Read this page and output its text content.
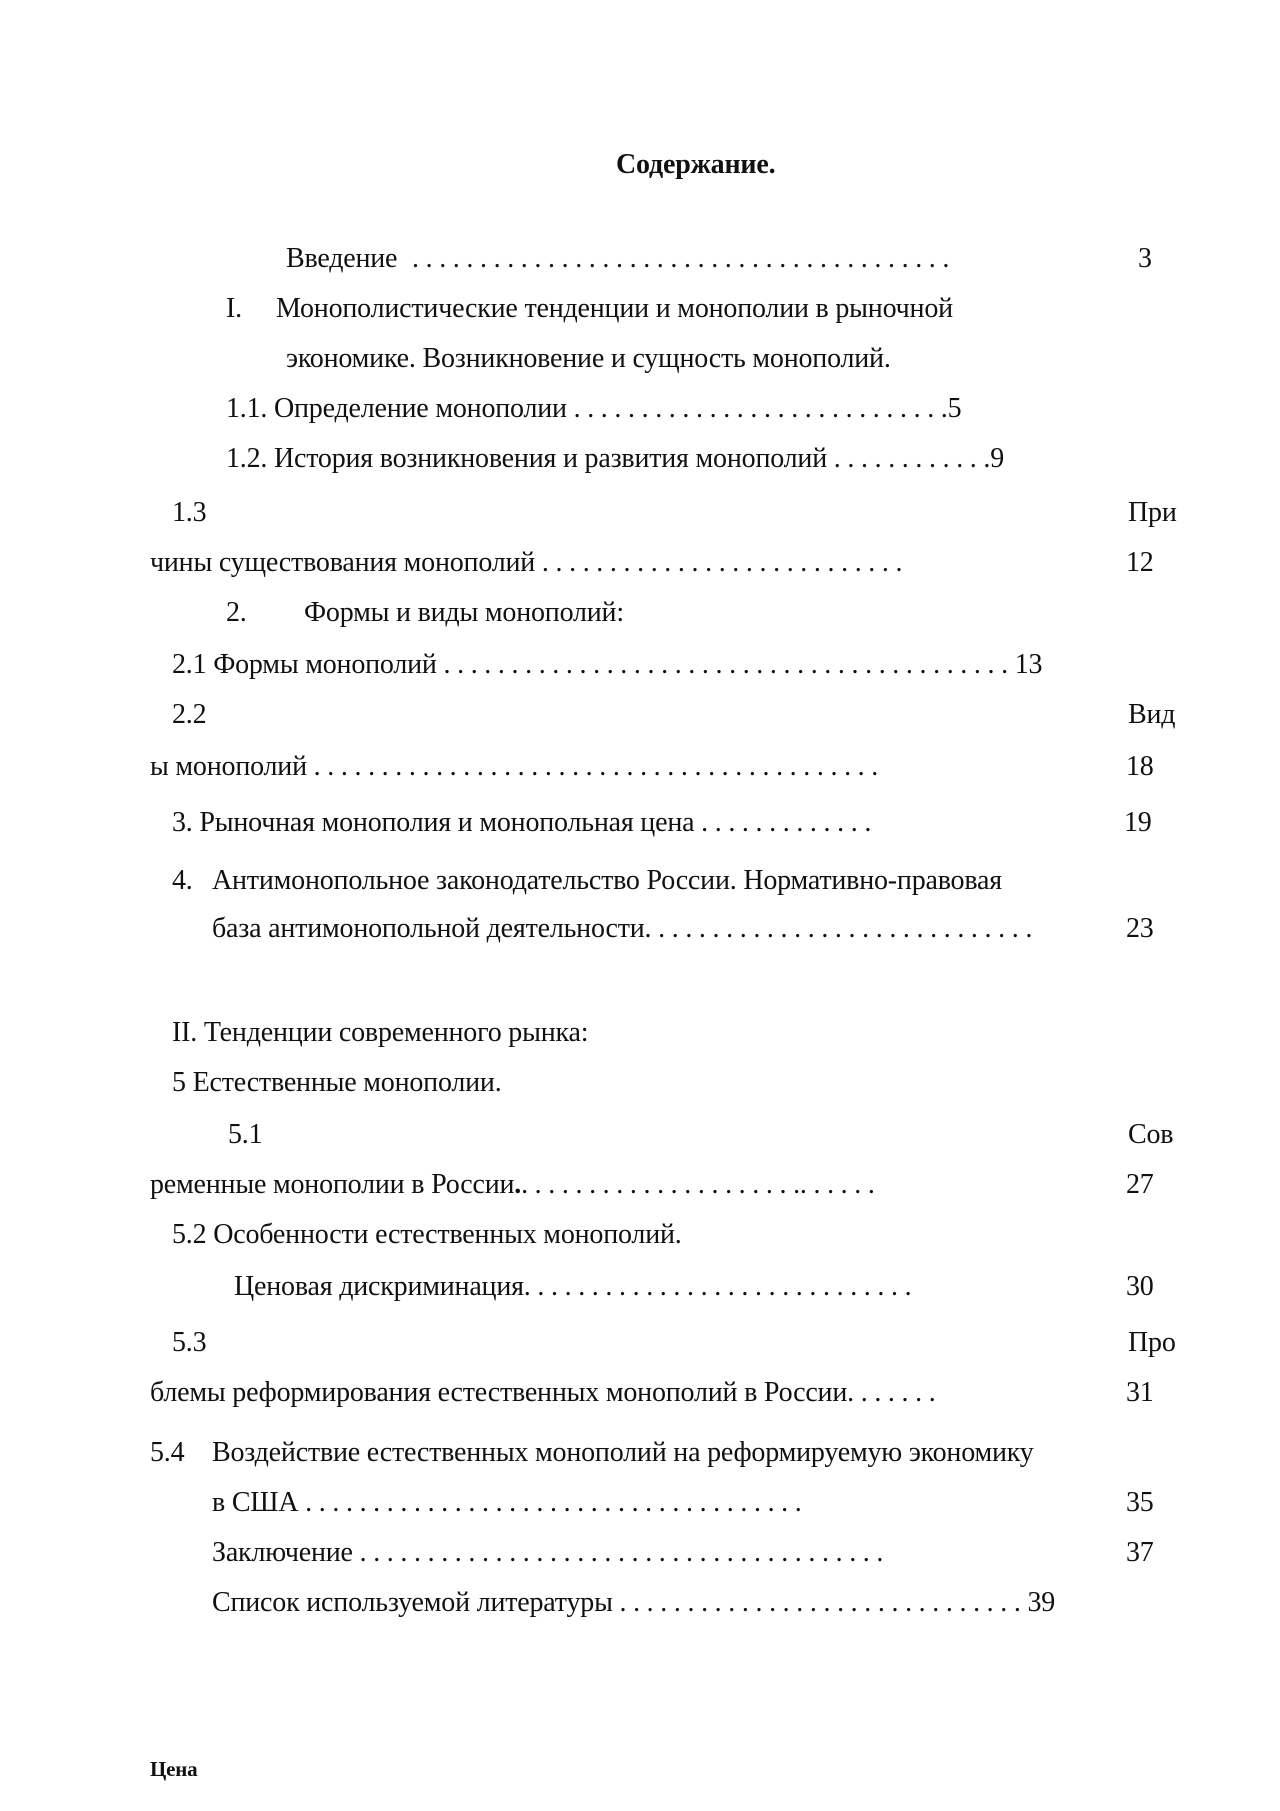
Содержание.
Введение . . . . . . . . . . . . . . . . . . . . . . . . . . . . . . . . . . . . . . . .	3
I. Монополистические тенденции и монополии в рыночной
экономике. Возникновение и сущность монополий.
1.1. Определение монополии . . . . . . . . . . . . . . . . . . . . . . . . . . . .5
1.2. История возникновения и развития монополий . . . . . . . . . . . .9
1.3	При
чины существования монополий . . . . . . . . . . . . . . . . . . . . . . . . . . .	12
2. Формы и виды монополий:
2.1 Формы монополий . . . . . . . . . . . . . . . . . . . . . . . . . . . . . . . . . . . . . . . . . . 13
2.2	Вид
ы монополий . . . . . . . . . . . . . . . . . . . . . . . . . . . . . . . . . . . . . . . . . .	18
3. Рыночная монополия и монопольная цена . . . . . . . . . . . . .	19
4. Антимонопольное законодательство России. Нормативно-правовая
база антимонопольной деятельности. . . . . . . . . . . . . . . . . . . . . . . . . . . . .	23
II. Тенденции современного рынка:
5 Естественные монополии.
5.1	Сов
ременные монополии в России.. . . . . . . . . . . . . . . . . . . . .. . . . . .	27
5.2 Особенности естественных монополий.
Ценовая дискриминация. . . . . . . . . . . . . . . . . . . . . . . . . . . . .	30
5.3	Про
блемы реформирования естественных монополий в России. . . . . . .	31
5.4 Воздействие естественных монополий на реформируемую экономику
в США . . . . . . . . . . . . . . . . . . . . . . . . . . . . . . . . . . . . .	35
Заключение . . . . . . . . . . . . . . . . . . . . . . . . . . . . . . . . . . . . . . .	37
Список используемой литературы . . . . . . . . . . . . . . . . . . . . . . . . . . . . . . 39
Цена
